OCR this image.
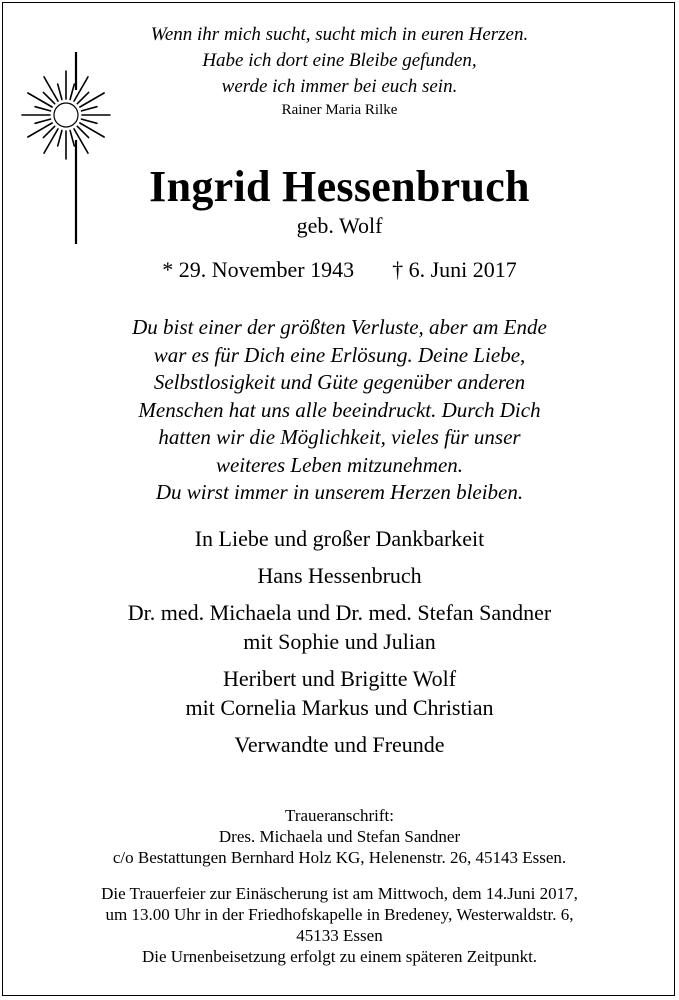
Wenn ihr mich sucht, sucht mich in euren Herzen.
Habe ich dort eine Bleibe gefunden,
werde ich immer bei euch sein.
Rainer Maria Rilke
Ingrid Hessenbruch
geb. Wolf
* 29. November 1943 † 6. Juni 2017
Du bist einer der größten Verluste, aber am Ende
war es für Dich eine Erlösung. Deine Liebe,
Selbstlosigkeit und Güte gegenüber anderen
Menschen hat uns alle beeindruckt. Durch Dich
hatten wir die Möglichkeit, vieles für unser
weiteres Leben mitzunehmen.
Du wirst immer in unserem Herzen bleiben.
In Liebe und großer Dankbarkeit
Hans Hessenbruch
Dr. med. Michaela und Dr. med. Stefan Sandner
mit Sophie und Julian
Heribert und Brigitte Wolf
mit Cornelia Markus und Christian
Verwandte und Freunde
Traueranschrift:
Dres. Michaela und Stefan Sandner
c/o Bestattungen Bernhard Holz KG, Helenenstr. 26, 45143 Essen.
Die Trauerfeier zur Einäscherung ist am Mittwoch, dem 14.Juni 2017,
um 13.00 Uhr in der Friedhofskapelle in Bredeney, Westerwaldstr. 6,
45133 Essen
Die Urnenbeisetzung erfolgt zu einem späteren Zeitpunkt.
